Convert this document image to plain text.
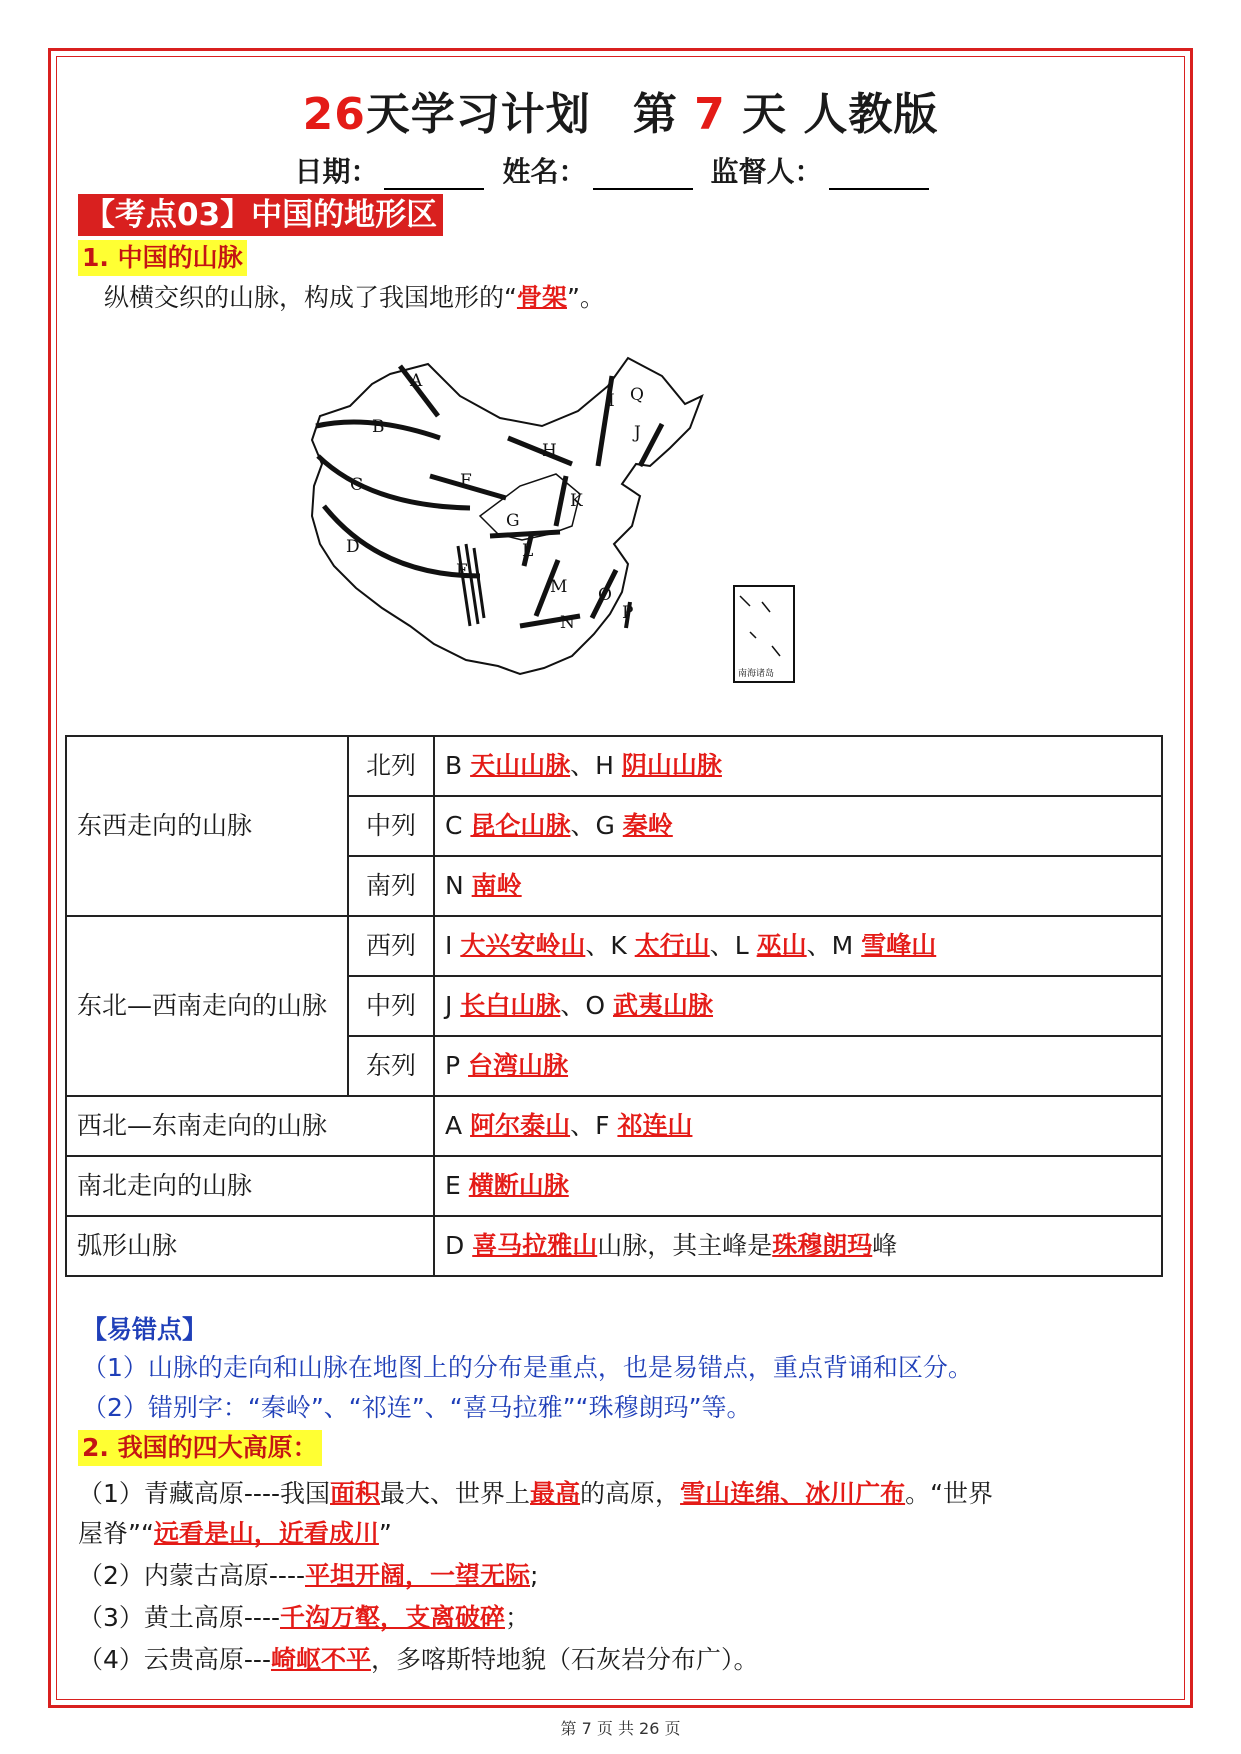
26天学习计划 第 7 天 人教版
日期：	姓名：	监督人：
【考点03】中国的地形区
1. 中国的山脉
纵横交织的山脉，构成了我国地形的“骨架”。
A
B
C
D
E
F
G
H
I
J
K
L
M
N
O
P
Q
南海诸岛
东西走向的山脉	北列	B 天山山脉、H 阴山山脉
	中列	C 昆仑山脉、G 秦岭
	南列	N 南岭
东北—西南走向的山脉	西列	I 大兴安岭山、K 太行山、L 巫山、M 雪峰山
	中列	J 长白山脉、O 武夷山脉
	东列	P 台湾山脉
西北—东南走向的山脉		A 阿尔泰山、F 祁连山
南北走向的山脉		E 横断山脉
弧形山脉		D 喜马拉雅山山脉，其主峰是珠穆朗玛峰
【易错点】
（1）山脉的走向和山脉在地图上的分布是重点，也是易错点，重点背诵和区分。
（2）错别字：“秦岭”、“祁连”、“喜马拉雅”“珠穆朗玛”等。
2. 我国的四大高原：
（1）青藏高原----我国面积最大、世界上最高的高原，雪山连绵、冰川广布。“世界
屋脊”“远看是山，近看成川”
（2）内蒙古高原----平坦开阔，一望无际;
（3）黄土高原----千沟万壑，支离破碎；
（4）云贵高原---崎岖不平，多喀斯特地貌（石灰岩分布广）。
第 7 页 共 26 页
